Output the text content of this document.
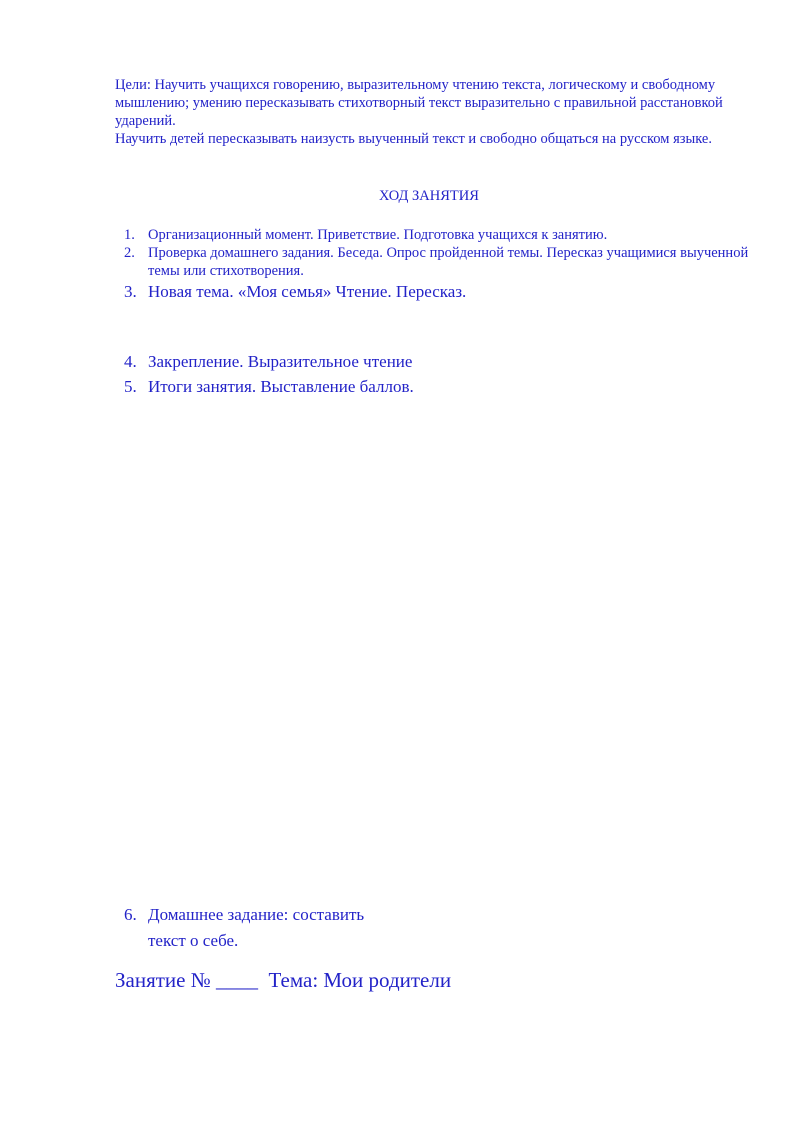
Цели: Научить учащихся говорению, выразительному чтению текста, логическому и свободному мышлению; умению пересказывать стихотворный текст выразительно с правильной расстановкой ударений.

Научить детей пересказывать наизусть выученный текст и свободно общаться на русском языке.

ХОД ЗАНЯТИЯ
1. Организационный момент. Приветствие. Подготовка учащихся к занятию.
2. Проверка домашнего задания. Беседа. Опрос пройденной темы. Пересказ учащимися выученной темы или стихотворения.
3. Новая тема. «Моя семья» Чтение. Пересказ.
4. Закрепление. Выразительное чтение
5. Итоги занятия. Выставление баллов.
6. Домашнее задание: составить
текст о себе.
Занятие № ____  Тема: Мои родители
